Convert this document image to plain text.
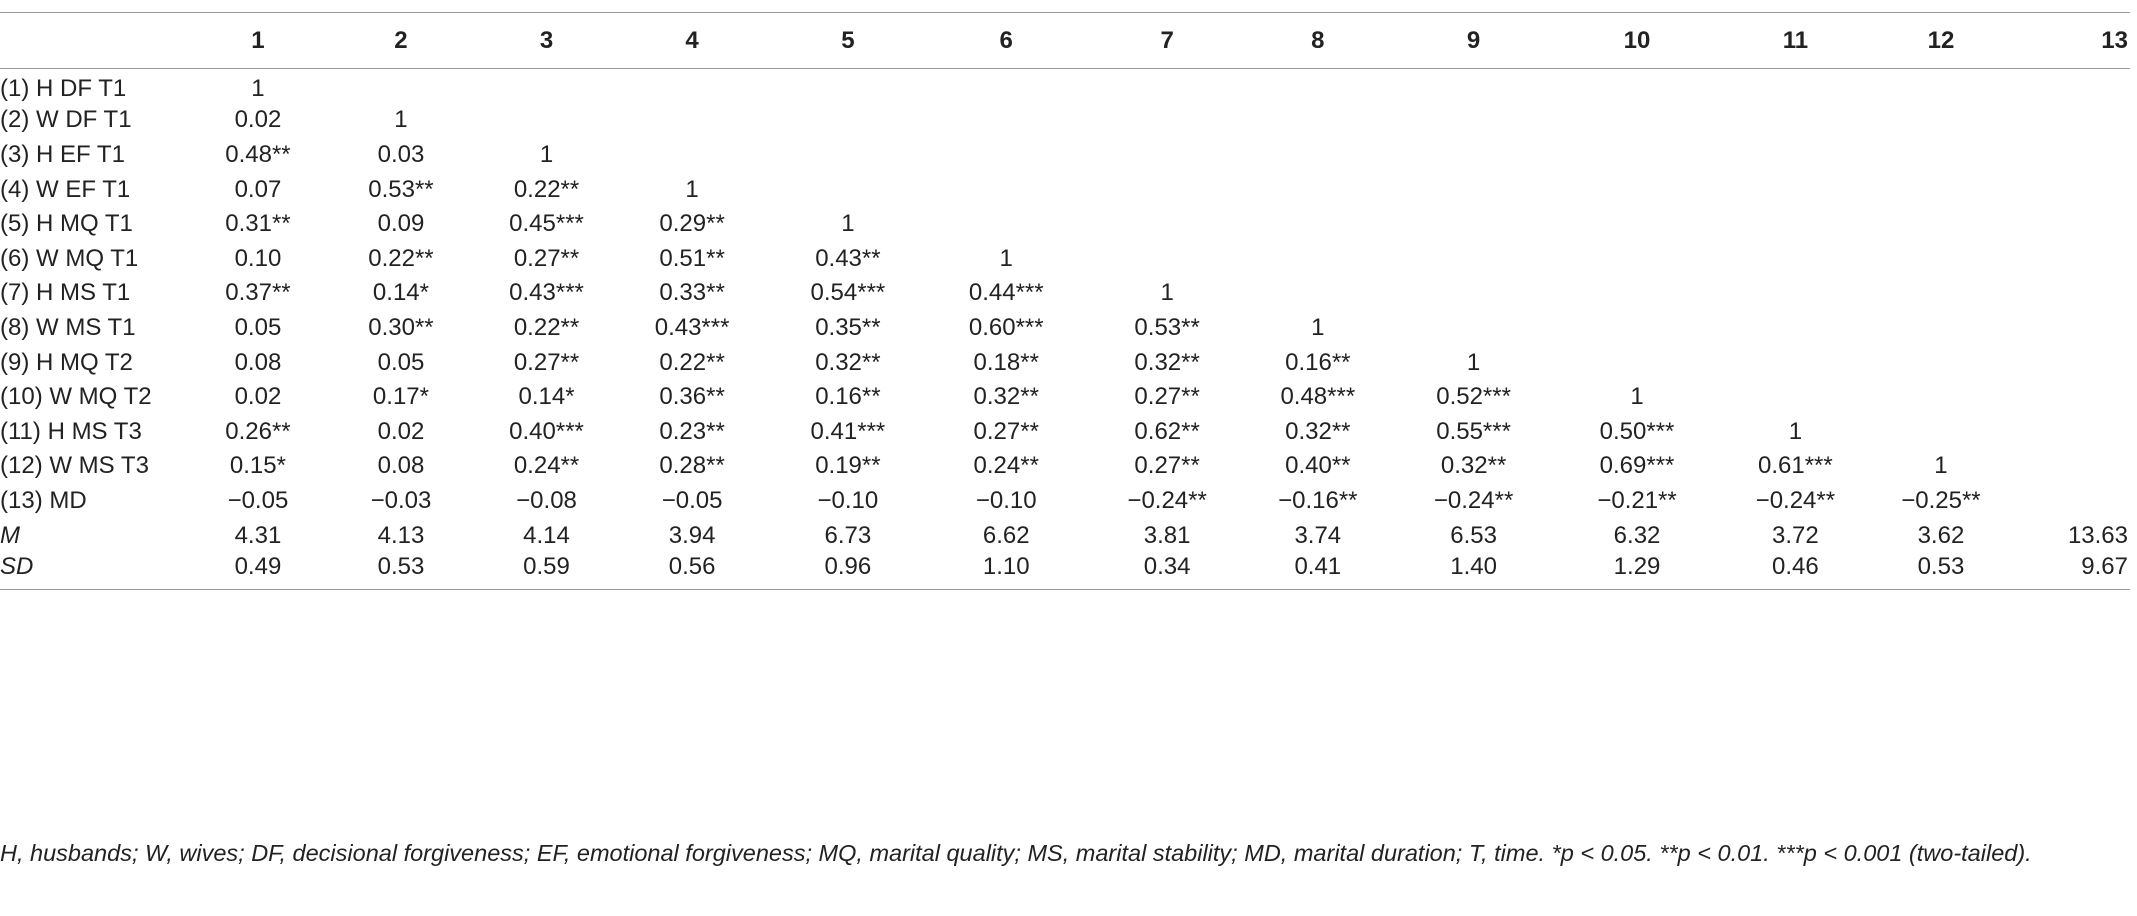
	1	2	3	4	5	6	7	8	9	10	11	12	13
(1) H DF T1	1												
(2) W DF T1	0.02	1											
(3) H EF T1	0.48**	0.03	1										
(4) W EF T1	0.07	0.53**	0.22**	1									
(5) H MQ T1	0.31**	0.09	0.45***	0.29**	1								
(6) W MQ T1	0.10	0.22**	0.27**	0.51**	0.43**	1							
(7) H MS T1	0.37**	0.14*	0.43***	0.33**	0.54***	0.44***	1						
(8) W MS T1	0.05	0.30**	0.22**	0.43***	0.35**	0.60***	0.53**	1					
(9) H MQ T2	0.08	0.05	0.27**	0.22**	0.32**	0.18**	0.32**	0.16**	1				
(10) W MQ T2	0.02	0.17*	0.14*	0.36**	0.16**	0.32**	0.27**	0.48***	0.52***	1			
(11) H MS T3	0.26**	0.02	0.40***	0.23**	0.41***	0.27**	0.62**	0.32**	0.55***	0.50***	1		
(12) W MS T3	0.15*	0.08	0.24**	0.28**	0.19**	0.24**	0.27**	0.40**	0.32**	0.69***	0.61***	1	
(13) MD	−0.05	−0.03	−0.08	−0.05	−0.10	−0.10	−0.24**	−0.16**	−0.24**	−0.21**	−0.24**	−0.25**	
M	4.31	4.13	4.14	3.94	6.73	6.62	3.81	3.74	6.53	6.32	3.72	3.62	13.63
SD	0.49	0.53	0.59	0.56	0.96	1.10	0.34	0.41	1.40	1.29	0.46	0.53	9.67
H, husbands; W, wives; DF, decisional forgiveness; EF, emotional forgiveness; MQ, marital quality; MS, marital stability; MD, marital duration; T, time. *p < 0.05. **p < 0.01. ***p < 0.001 (two-tailed).
